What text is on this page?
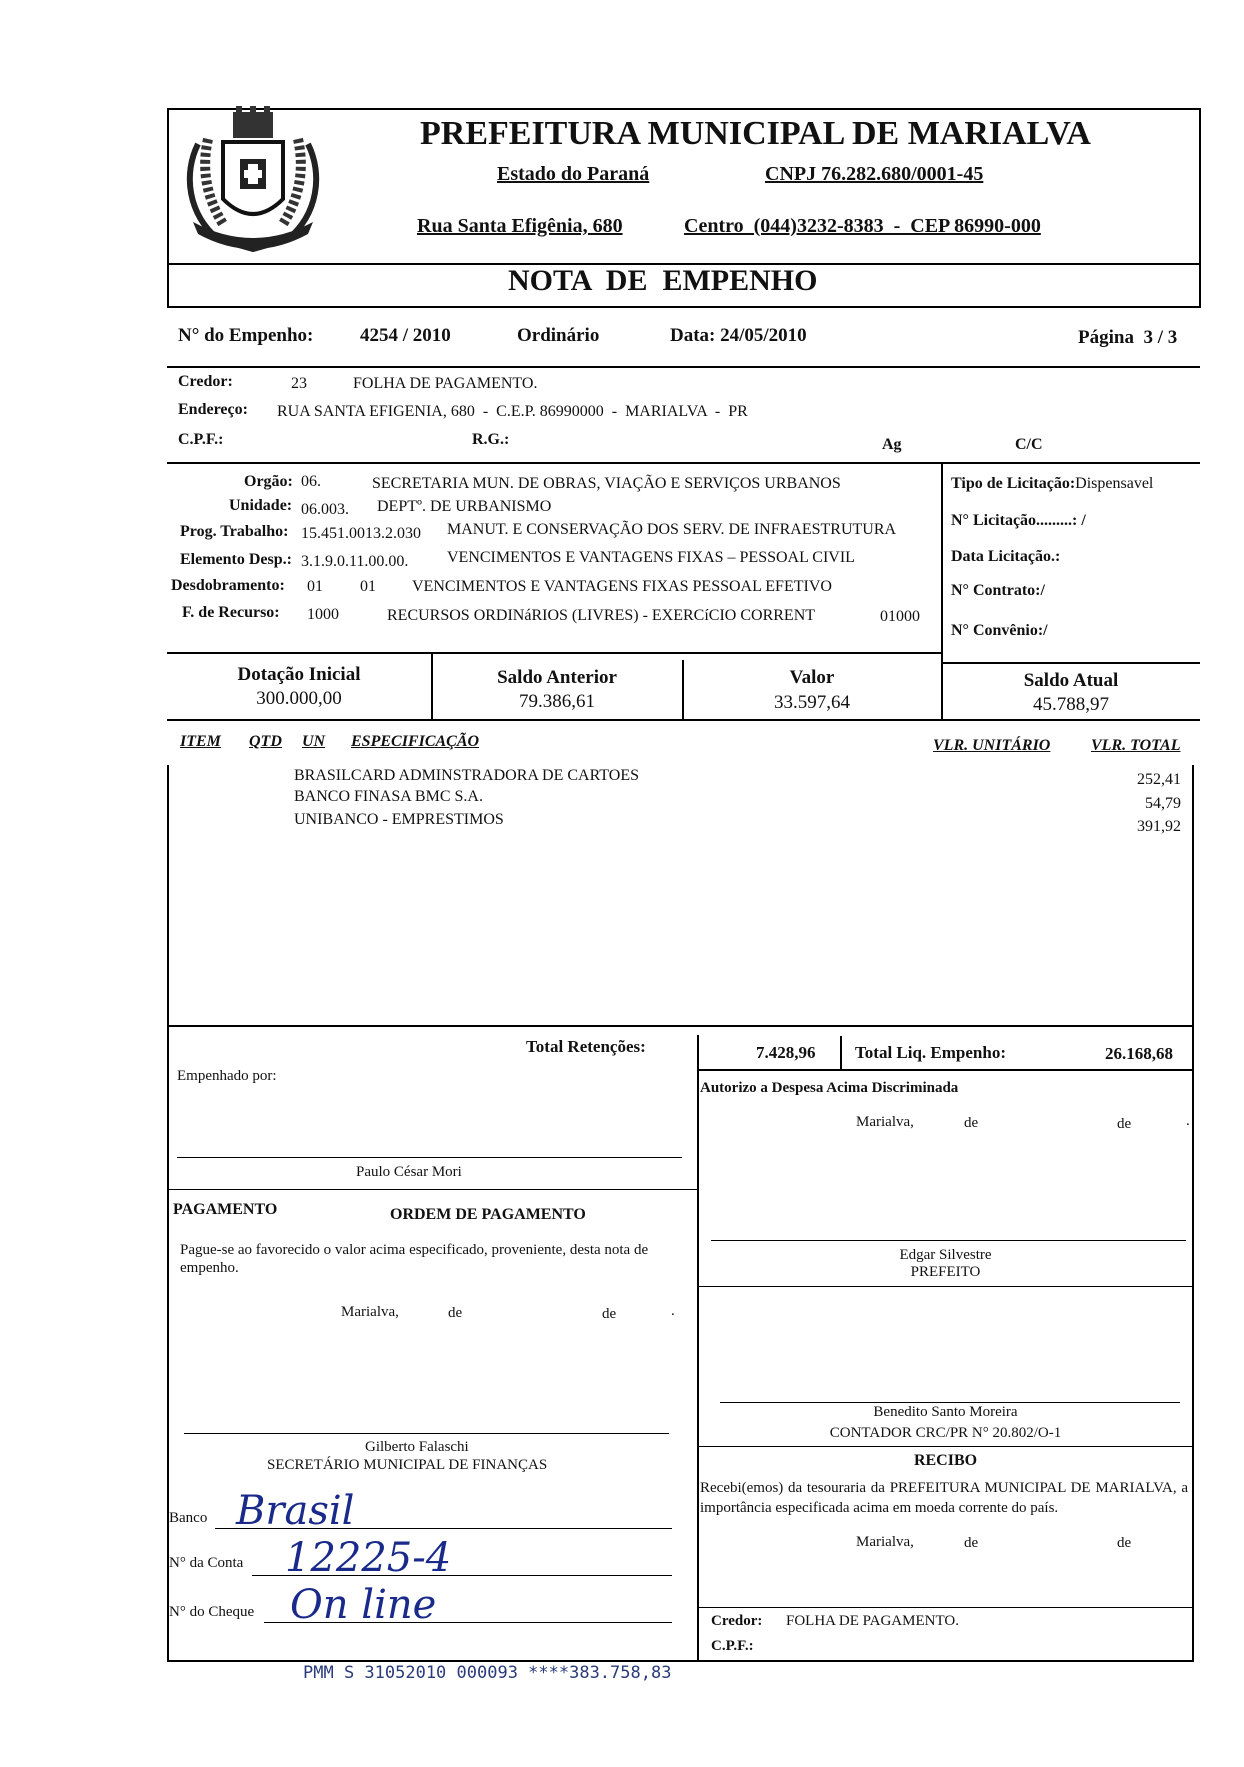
PREFEITURA MUNICIPAL DE MARIALVA
Estado do Paraná	CNPJ 76.282.680/0001-45
Rua Santa Efigênia, 680	Centro  (044)3232-8383  -  CEP 86990-000
NOTA  DE  EMPENHO
N° do Empenho: 4254 / 2010	Ordinário	Data: 24/05/2010	Página  3 / 3
Credor:	23	FOLHA DE PAGAMENTO.
Endereço: RUA SANTA EFIGENIA, 680  -  C.E.P. 86990000  -  MARIALVA  -  PR
C.P.F.:	R.G.:	Ag	C/C
Orgão: 06.	SECRETARIA MUN. DE OBRAS, VIAÇÃO E SERVIÇOS URBANOS
Unidade: 06.003. DEPTº. DE URBANISMO
Prog. Trabalho: 15.451.0013.2.030 MANUT. E CONSERVAÇÃO DOS SERV. DE INFRAESTRUTURA
Elemento Desp.: 3.1.9.0.11.00.00. VENCIMENTOS E VANTAGENS FIXAS – PESSOAL CIVIL
Desdobramento: 01 01 VENCIMENTOS E VANTAGENS FIXAS PESSOAL EFETIVO
F. de Recurso: 1000	RECURSOS ORDINáRIOS (LIVRES) - EXERCíCIO CORRENT	01000
Tipo de Licitação:Dispensavel
N° Licitação.........: /
Data Licitação.:
N° Contrato:/
N° Convênio:/
Dotação Inicial
300.000,00
Saldo Anterior
79.386,61
Valor
33.597,64
Saldo Atual
45.788,97
ITEM QTD UN ESPECIFICAÇÃO	VLR. UNITÁRIO	VLR. TOTAL
BRASILCARD ADMINSTRADORA DE CARTOES	252,41
BANCO FINASA BMC S.A.	54,79
UNIBANCO - EMPRESTIMOS	391,92
Total Retenções:	7.428,96 Total Liq. Empenho:	26.168,68
Empenhado por:
Paulo César Mori
PAGAMENTO	ORDEM DE PAGAMENTO
Pague-se ao favorecido o valor acima especificado, proveniente, desta nota de empenho.
Marialva,	de	de	.
Gilberto Falaschi
SECRETÁRIO MUNICIPAL DE FINANÇAS
Banco Brasil
N° da Conta 12225-4
N° do Cheque On line
Autorizo a Despesa Acima Discriminada
Marialva,	de	de	.
Edgar Silvestre
PREFEITO
Benedito Santo Moreira
CONTADOR CRC/PR N° 20.802/O-1
RECIBO
Recebi(emos) da tesouraria da PREFEITURA MUNICIPAL DE MARIALVA, a importância especificada acima em moeda corrente do país.
Marialva,	de	de
Credor: FOLHA DE PAGAMENTO.
C.P.F.:
PMM S 31052010 000093 ****383.758,83
